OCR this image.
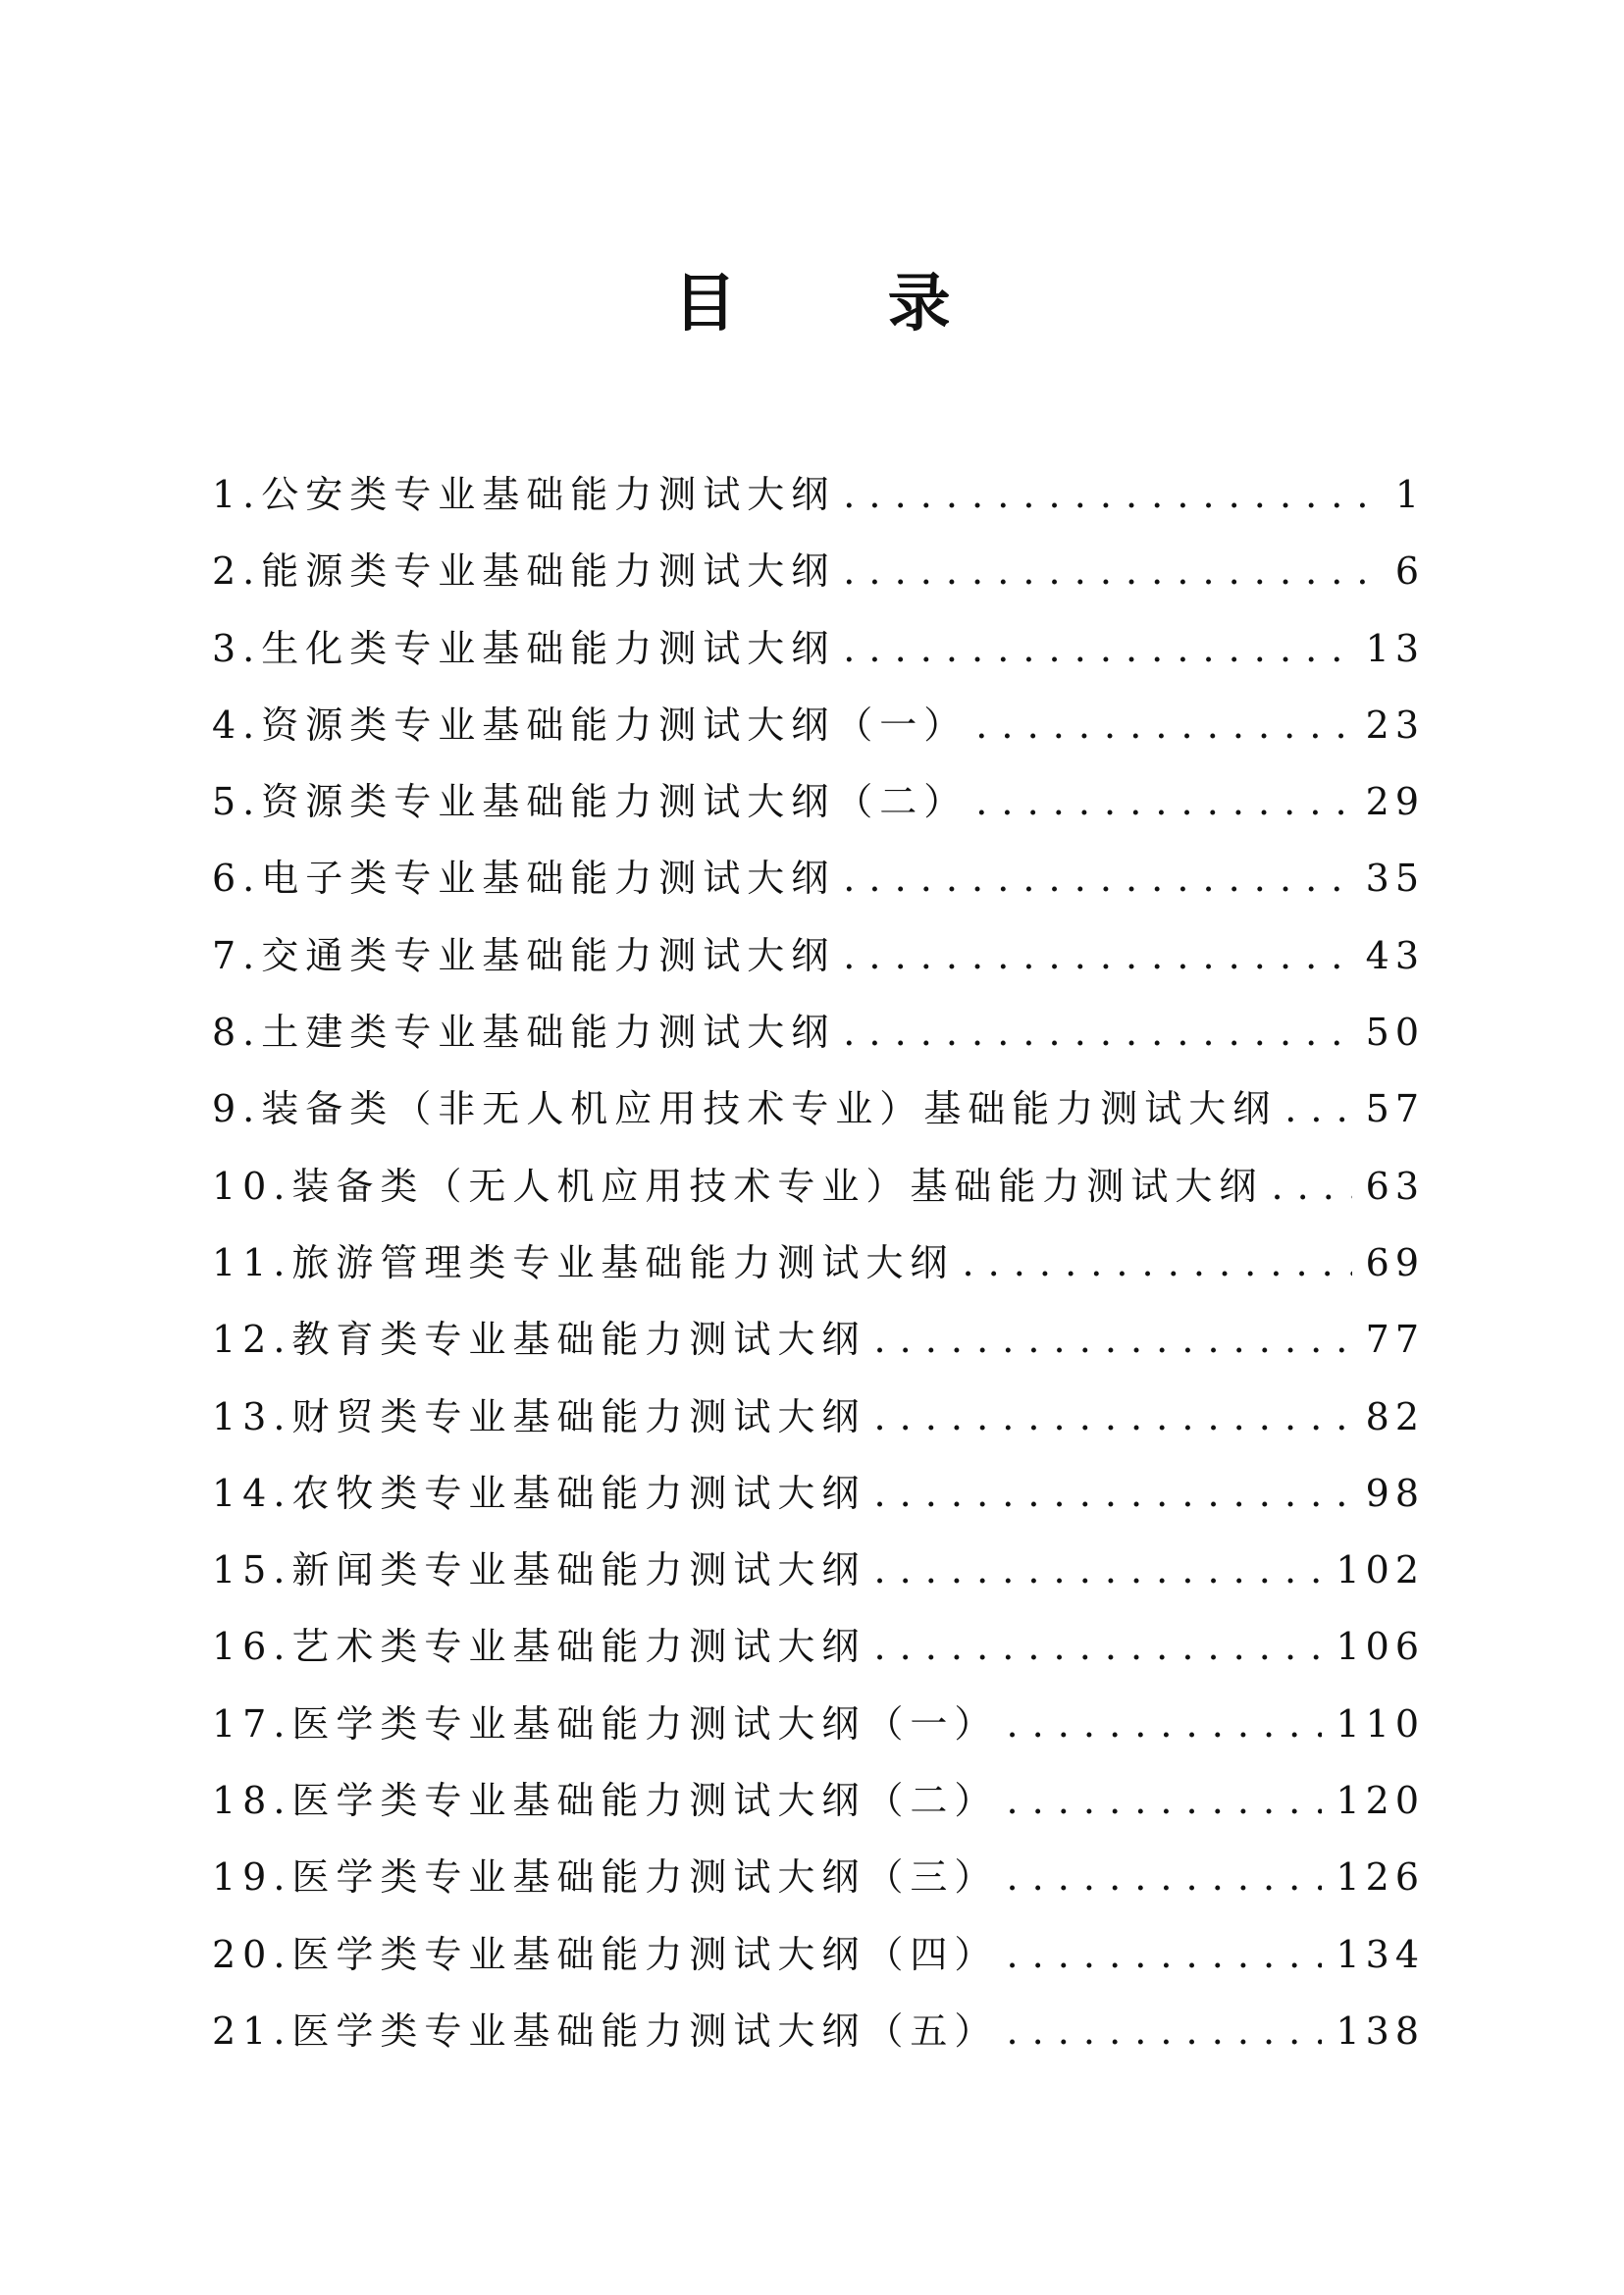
目 录
1.公安类专业基础能力测试大纲 . . .	1
2.能源类专业基础能力测试大纲 . . .	6
3.生化类专业基础能力测试大纲 . . .	13
4.资源类专业基础能力测试大纲（一） . . .	23
5.资源类专业基础能力测试大纲（二） . . .	29
6.电子类专业基础能力测试大纲 . . .	35
7.交通类专业基础能力测试大纲 . . .	43
8.土建类专业基础能力测试大纲 . . .	50
9.装备类（非无人机应用技术专业）基础能力测试大纲 . . . 57
10.装备类（无人机应用技术专业）基础能力测试大纲 . . .	63
11.旅游管理类专业基础能力测试大纲 . . .	69
12.教育类专业基础能力测试大纲 . . .	77
13.财贸类专业基础能力测试大纲 . . .	82
14.农牧类专业基础能力测试大纲 . . .	98
15.新闻类专业基础能力测试大纲 . . .	102
16.艺术类专业基础能力测试大纲 . . .	106
17.医学类专业基础能力测试大纲（一） . . .	110
18.医学类专业基础能力测试大纲（二） . . .	120
19.医学类专业基础能力测试大纲（三） . . .	126
20.医学类专业基础能力测试大纲（四） . . .	134
21.医学类专业基础能力测试大纲（五） . . .	138
